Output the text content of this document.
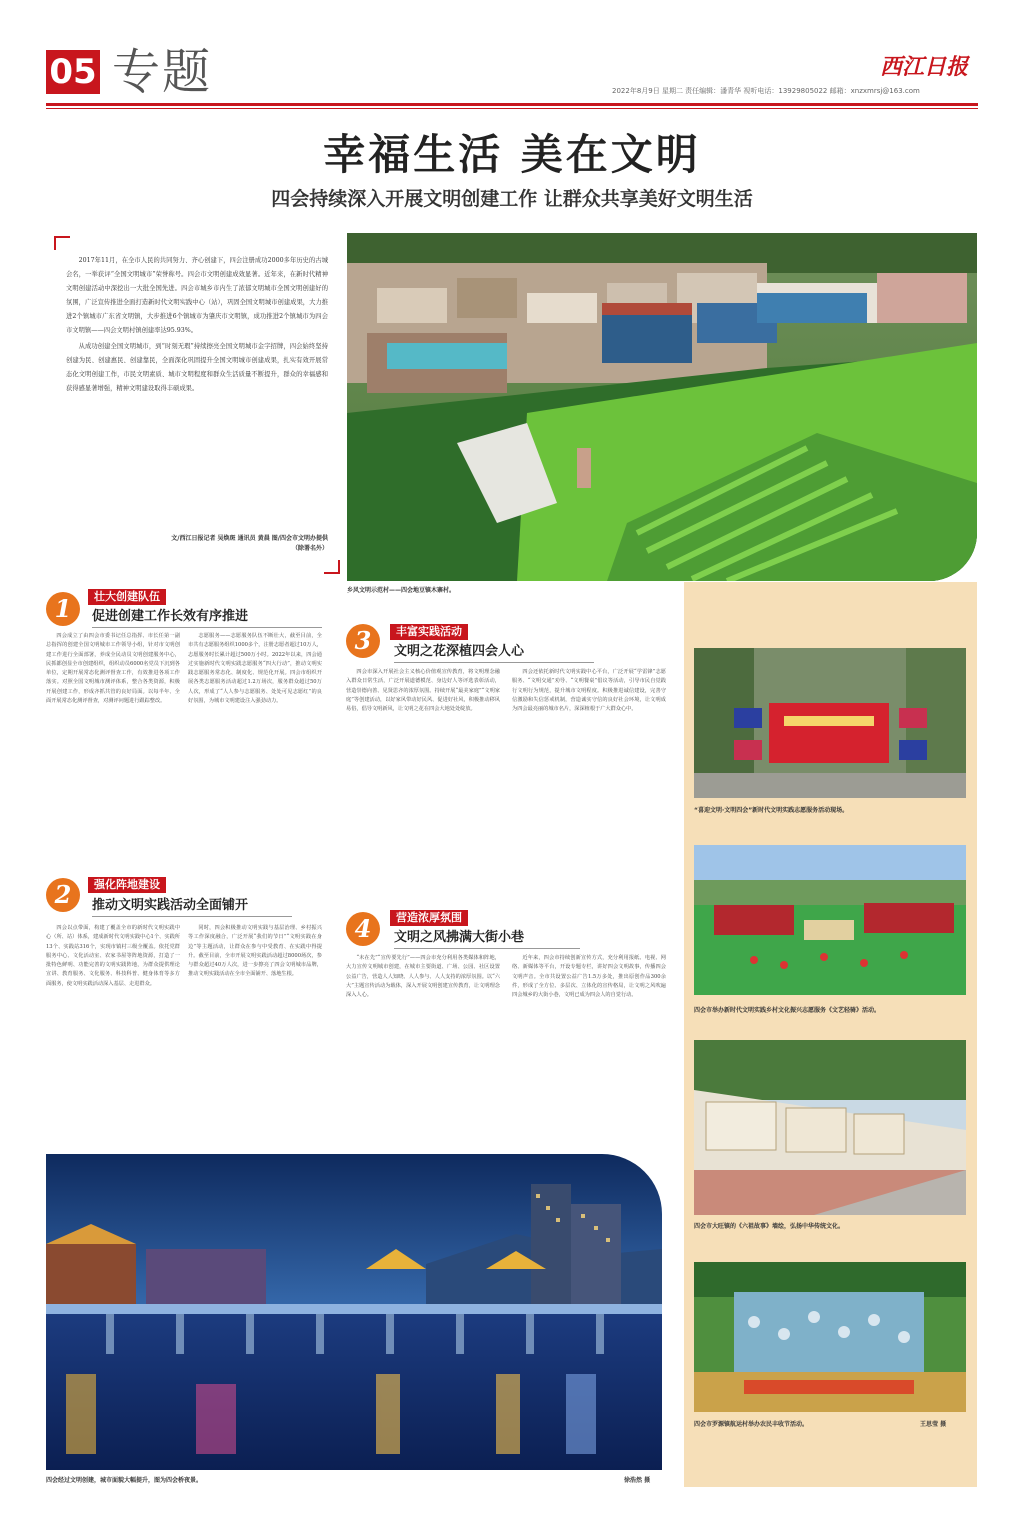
05 专题	西江日报
2022年8月9日 星期二 责任编辑：潘青华 视听电话：13929805022 邮箱：xnzxmrsj@163.com
幸福生活 美在文明
四会持续深入开展文明创建工作 让群众共享美好文明生活

2017年11月，在全市人民的共同努力、齐心创建下，四会注册成功2000多年历史的古城会名，一举获评“全国文明城市”荣誉称号。四会市文明创建成效显著。近年来，在新时代精神文明创建活动中深挖出一大批全国先进。四会市城乡市内生了浓郁文明城市全国文明创建好的氛围，广泛宣传推进全面打造新时代文明实践中心（站），巩固全国文明城市创建成果，大力推进2个镇城市广东省文明镇，大步推进6个镇城市为肇庆市文明镇，成功推进2个镇城市为四会市文明镇——四会文明村镇创建率达95.93%。

从成功创建全国文明城市，到“时刻无瑕”持续擦亮全国文明城市金字招牌，四会始终坚持创建为民、创建惠民、创建靠民，全面深化巩固提升全国文明城市创建成果，扎实有效开展常态化文明创建工作，市民文明素质、城市文明程度和群众生活质量不断提升，群众的幸福感和获得感显著增强，精神文明建设取得丰硕成果。

文/西江日报记者 吴焕斑 通讯员 黄晨 图/四会市文明办提供（除署名外）
乡风文明示范村——四会地豆镇木寨村。
“喜迎文明·文明四会”新时代文明实践志愿服务活动现场。
四会市举办新时代文明实践乡村文化振兴志愿服务《文艺轻骑》活动。
四会市大旺镇的《六祖故事》墙绘，弘扬中华传统文化。
四会市罗源镇航运村举办农民丰收节活动。	王思莹 摄
四会经过文明创建，城市面貌大幅提升，图为四会桥夜景。	徐浩然 摄
1	壮大创建队伍
促进创建工作长效有序推进
四会成立了由四会市委书记任总指挥、市长任第一副总指挥的创建全国文明城市工作领导小组，针对市文明创建工作进行全面部署，养成全民动员文明创建服务中心，民抓都创显全市创建组织，组织动员6000名党员下沉到各单位，定期开展常态化测评督查工作，有效推进各项工作落实。对照全国文明城市测评体系，整合各类资源，积极开展创建工作，形成齐抓共管的良好局面。以每半年、全面开展常态化测评督查，对测评问题进行跟踪整改。
志愿服务——志愿服务队伍不断壮大，截至目前，全市共有志愿服务组织1000多个，注册志愿者超过10万人，志愿服务时长累计超过500万小时。2022年以来，四会通过实施新时代文明实践志愿服务“四大行动”，推动文明实践志愿服务常态化、制度化、规范化开展。四会市组织开展各类志愿服务活动超过1.2万场次，服务群众超过50万人次，形成了“人人参与志愿服务、处处可见志愿红”的良好氛围，为城市文明建设注入强劲动力。
2	强化阵地建设
推动文明实践活动全面铺开
四会以点带面，构建了覆盖全市的新时代文明实践中心（所、站）体系，建成新时代文明实践中心1个、实践所13个、实践站316个，实现市镇村三级全覆盖。依托党群服务中心、文化活动室、农家书屋等阵地资源，打造了一批特色鲜明、功能完善的文明实践阵地，为群众提供理论宣讲、教育服务、文化服务、科技科普、健身体育等多方面服务，使文明实践活动深入基层、走进群众。
同时，四会积极推动文明实践与基层治理、乡村振兴等工作深度融合，广泛开展“我们的节日”“文明实践在身边”等主题活动，让群众在参与中受教育、在实践中得提升。截至目前，全市开展文明实践活动超过8000场次，参与群众超过40万人次，进一步擦亮了四会文明城市品牌，推动文明实践活动在全市全面铺开、落地生根。
3	丰富实践活动
文明之花深植四会人心
四会市深入开展社会主义核心价值观宣传教育，将文明理念融入群众日常生活，广泛开展道德模范、身边好人等评选表彰活动，营造崇德向善、见贤思齐的浓厚氛围。持续开展“最美家庭”“文明家庭”等创建活动，以好家风带动好民风、促进好社风，积极推动移风易俗，倡导文明新风，让文明之花在四会大地处处绽放。
四会还依托新时代文明实践中心平台，广泛开展“学雷锋”志愿服务、“文明交通”劝导、“文明餐桌”倡议等活动，引导市民自觉践行文明行为规范，提升城市文明程度。积极推进诚信建设，完善守信激励和失信惩戒机制，营造诚实守信的良好社会环境，让文明成为四会最亮丽的城市名片，深深植根于广大群众心中。
4	营造浓厚氛围
文明之风拂满大街小巷
“未在先”“宣传要先行”——四会市充分利用各类媒体和阵地，大力宣传文明城市创建，在城市主要街道、广场、公园、社区设置公益广告，营造人人知晓、人人参与、人人支持的浓厚氛围。以“六大”主题宣传活动为载体，深入开展文明创建宣传教育，让文明理念深入人心。
近年来，四会市持续创新宣传方式，充分利用报纸、电视、网络、新媒体等平台，开设专题专栏，讲好四会文明故事，传播四会文明声音。全市共设置公益广告1.5万多处，推出原创作品300余件，形成了全方位、多层次、立体化的宣传格局，让文明之风吹遍四会城乡的大街小巷，文明已成为四会人的自觉行动。
